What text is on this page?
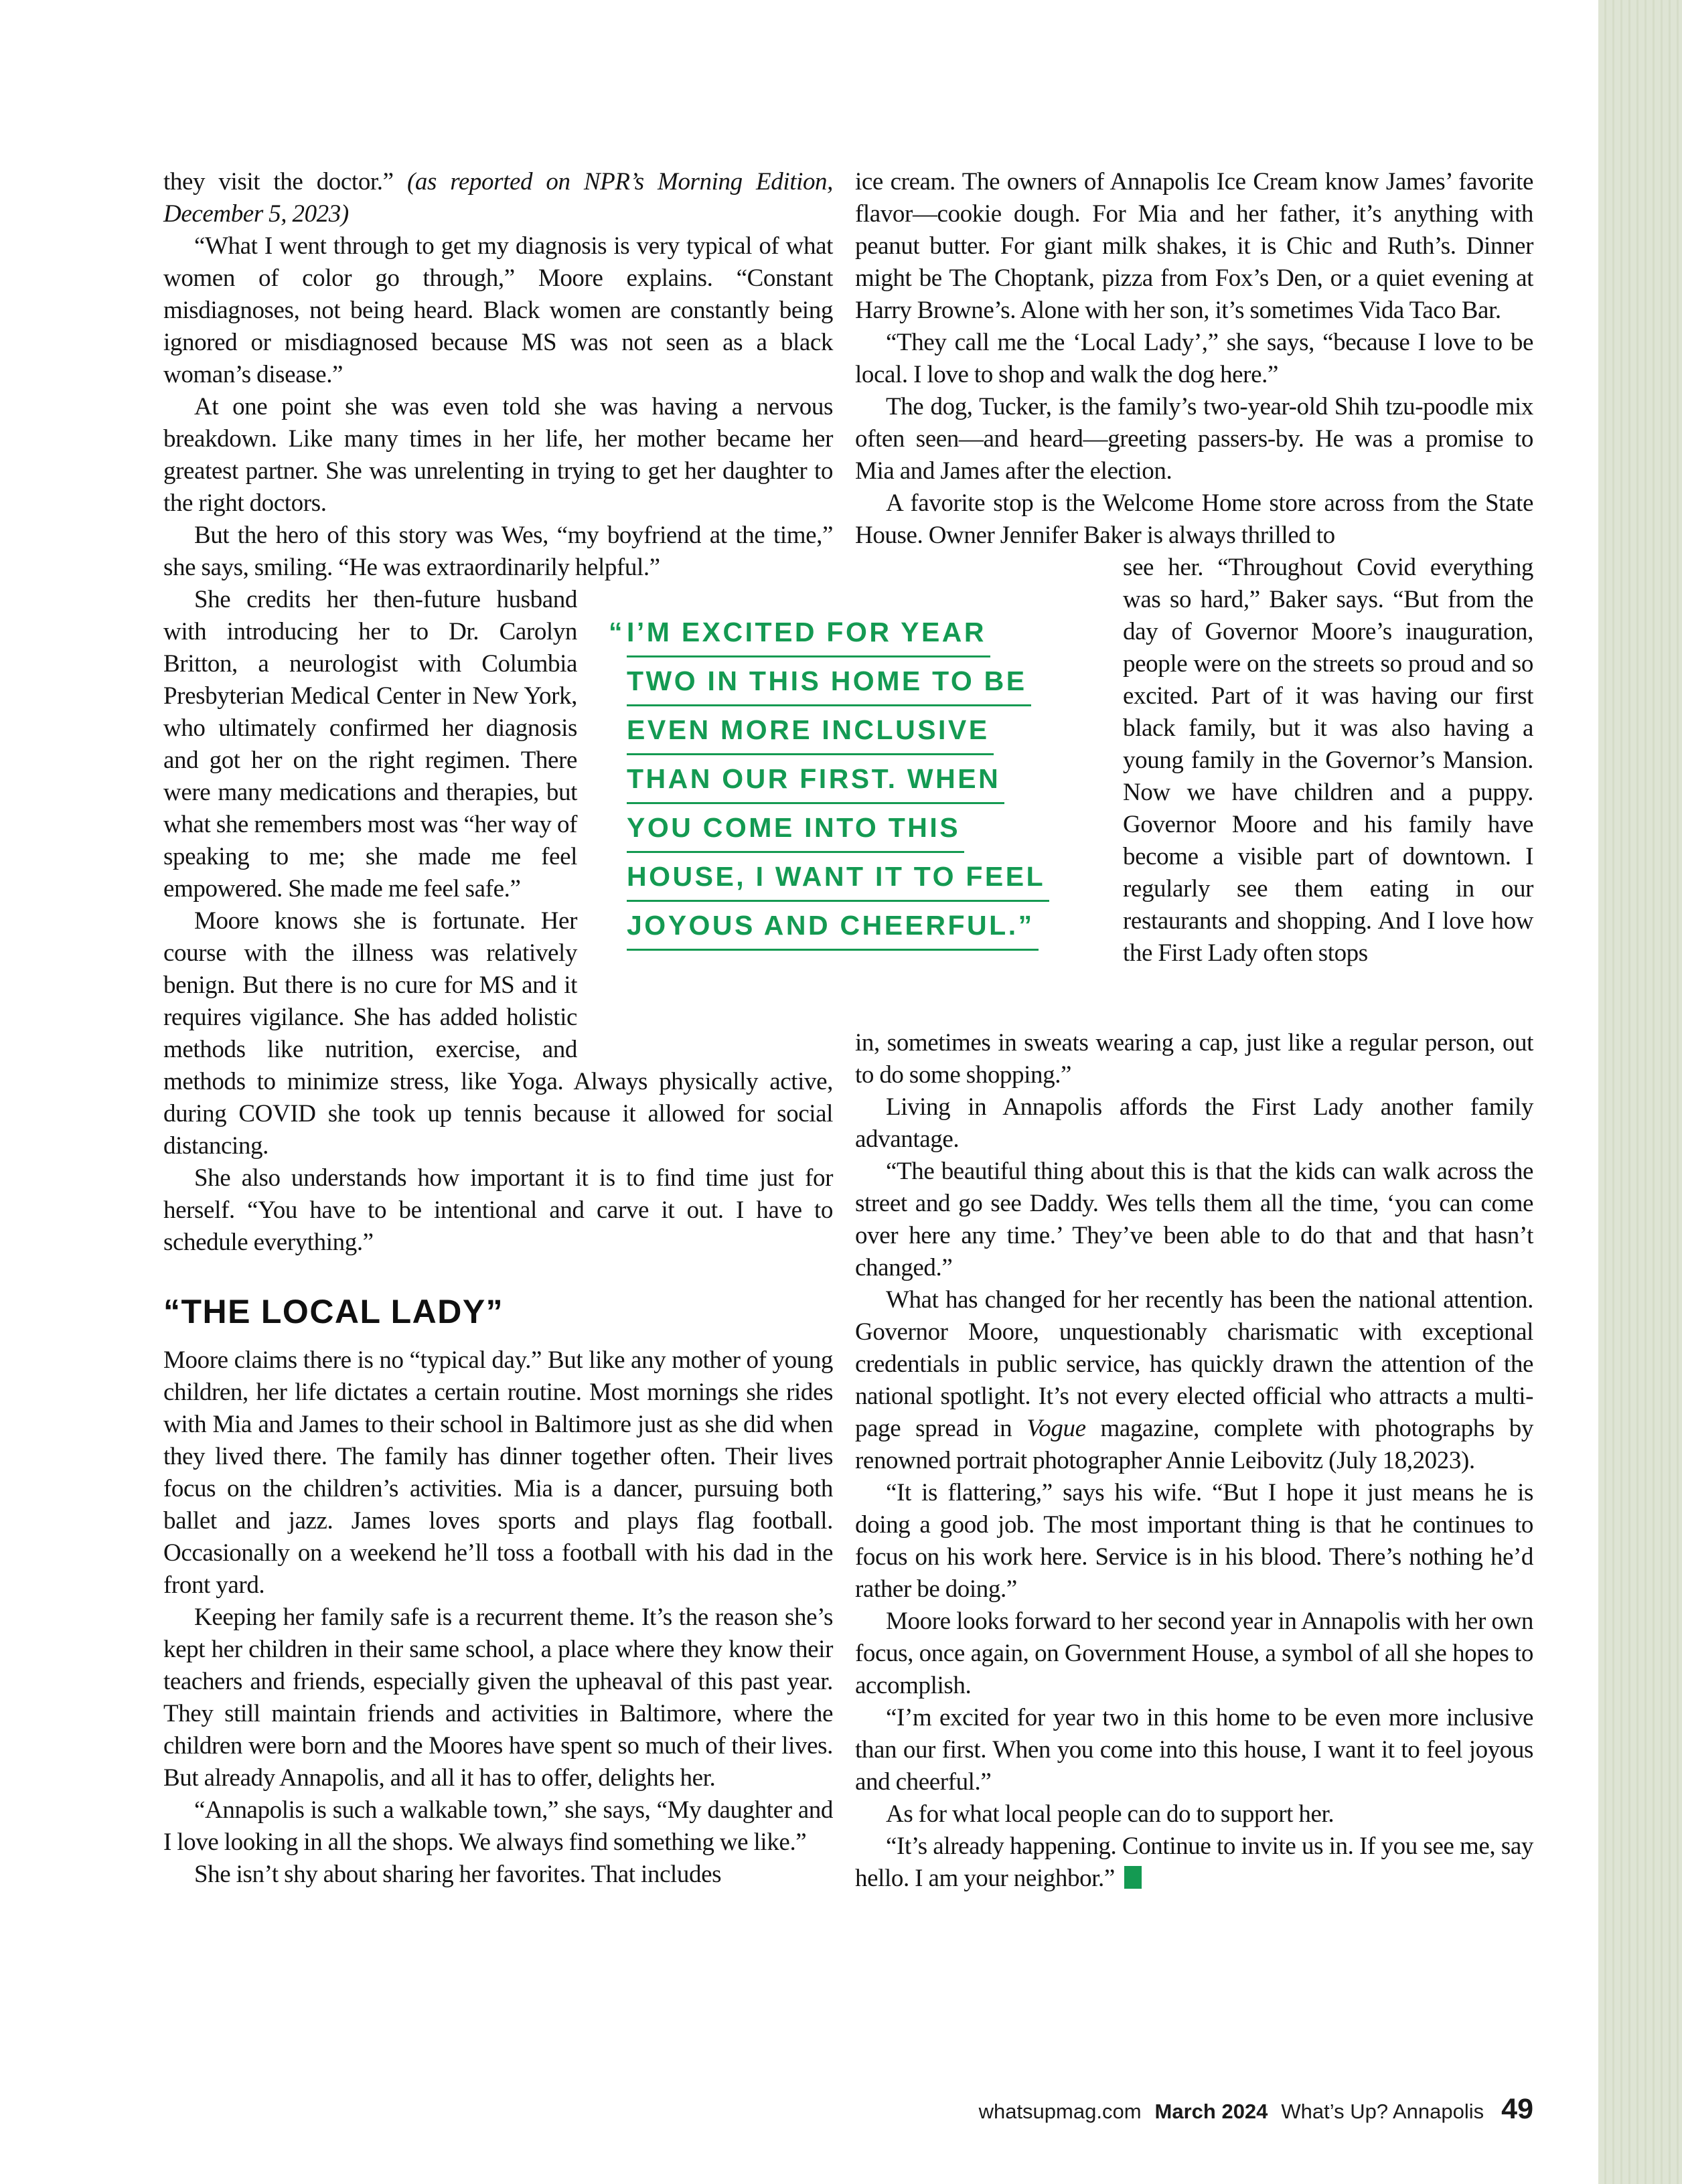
they visit the doctor.” (as reported on NPR’s Morning Edition, December 5, 2023)

“What I went through to get my diagnosis is very typical of what women of color go through,” Moore explains. “Constant misdiagnoses, not being heard. Black women are constantly being ignored or misdiagnosed because MS was not seen as a black woman’s disease.”

At one point she was even told she was having a nervous breakdown. Like many times in her life, her mother became her greatest partner. She was unrelenting in trying to get her daughter to the right doctors.

But the hero of this story was Wes, “my boyfriend at the time,” she says, smiling. “He was extraordinarily helpful.”

“ I’M EXCITED FOR YEAR
TWO IN THIS HOME TO BE
EVEN MORE INCLUSIVE
THAN OUR FIRST. WHEN
YOU COME INTO THIS
HOUSE, I WANT IT TO FEEL
JOYOUS AND CHEERFUL.”

She credits her then-future husband with introducing her to Dr. Carolyn Britton, a neurologist with Columbia Presbyterian Medical Center in New York, who ultimately confirmed her diagnosis and got her on the right regimen. There were many medications and therapies, but what she remembers most was “her way of speaking to me; she made me feel empowered. She made me feel safe.”

Moore knows she is fortunate. Her course with the illness was relatively benign. But there is no cure for MS and it requires vigilance. She has added holistic methods like nutrition, exercise, and methods to minimize stress, like Yoga. Always physically active, during COVID she took up tennis because it allowed for social distancing.

She also understands how important it is to find time just for herself. “You have to be intentional and carve it out. I have to schedule everything.”

“THE LOCAL LADY”

Moore claims there is no “typical day.” But like any mother of young children, her life dictates a certain routine. Most mornings she rides with Mia and James to their school in Baltimore just as she did when they lived there. The family has dinner together often. Their lives focus on the children’s activities. Mia is a dancer, pursuing both ballet and jazz. James loves sports and plays flag football. Occasionally on a weekend he’ll toss a football with his dad in the front yard.

Keeping her family safe is a recurrent theme. It’s the reason she’s kept her children in their same school, a place where they know their teachers and friends, especially given the upheaval of this past year. They still maintain friends and activities in Baltimore, where the children were born and the Moores have spent so much of their lives. But already Annapolis, and all it has to offer, delights her.

“Annapolis is such a walkable town,” she says, “My daughter and I love looking in all the shops. We always find something we like.”

She isn’t shy about sharing her favorites. That includes

ice cream. The owners of Annapolis Ice Cream know James’ favorite flavor—cookie dough. For Mia and her father, it’s anything with peanut butter. For giant milk shakes, it is Chic and Ruth’s. Dinner might be The Choptank, pizza from Fox’s Den, or a quiet evening at Harry Browne’s. Alone with her son, it’s sometimes Vida Taco Bar.

“They call me the ‘Local Lady’,” she says, “because I love to be local. I love to shop and walk the dog here.”

The dog, Tucker, is the family’s two-year-old Shih tzu-poodle mix often seen—and heard—greeting passers-by. He was a promise to Mia and James after the election.

A favorite stop is the Welcome Home store across from the State House. Owner Jennifer Baker is always thrilled to

see her. “Throughout Covid everything was so hard,” Baker says. “But from the day of Governor Moore’s inauguration, people were on the streets so proud and so excited. Part of it was having our first black family, but it was also having a young family in the Governor’s Mansion. Now we have children and a puppy. Governor Moore and his family have become a visible part of downtown. I regularly see them eating in our restaurants and shopping. And I love how the First Lady often stops

in, sometimes in sweats wearing a cap, just like a regular person, out to do some shopping.”

Living in Annapolis affords the First Lady another family advantage.

“The beautiful thing about this is that the kids can walk across the street and go see Daddy. Wes tells them all the time, ‘you can come over here any time.’ They’ve been able to do that and that hasn’t changed.”

What has changed for her recently has been the national attention. Governor Moore, unquestionably charismatic with exceptional credentials in public service, has quickly drawn the attention of the national spotlight. It’s not every elected official who attracts a multi-page spread in Vogue magazine, complete with photographs by renowned portrait photographer Annie Leibovitz (July 18,2023).

“It is flattering,” says his wife. “But I hope it just means he is doing a good job. The most important thing is that he continues to focus on his work here. Service is in his blood. There’s nothing he’d rather be doing.”

Moore looks forward to her second year in Annapolis with her own focus, once again, on Government House, a symbol of all she hopes to accomplish.

“I’m excited for year two in this home to be even more inclusive than our first. When you come into this house, I want it to feel joyous and cheerful.”

As for what local people can do to support her.

“It’s already happening. Continue to invite us in. If you see me, say hello. I am your neighbor.”

whatsupmag.com March 2024 What’s Up? Annapolis 49
